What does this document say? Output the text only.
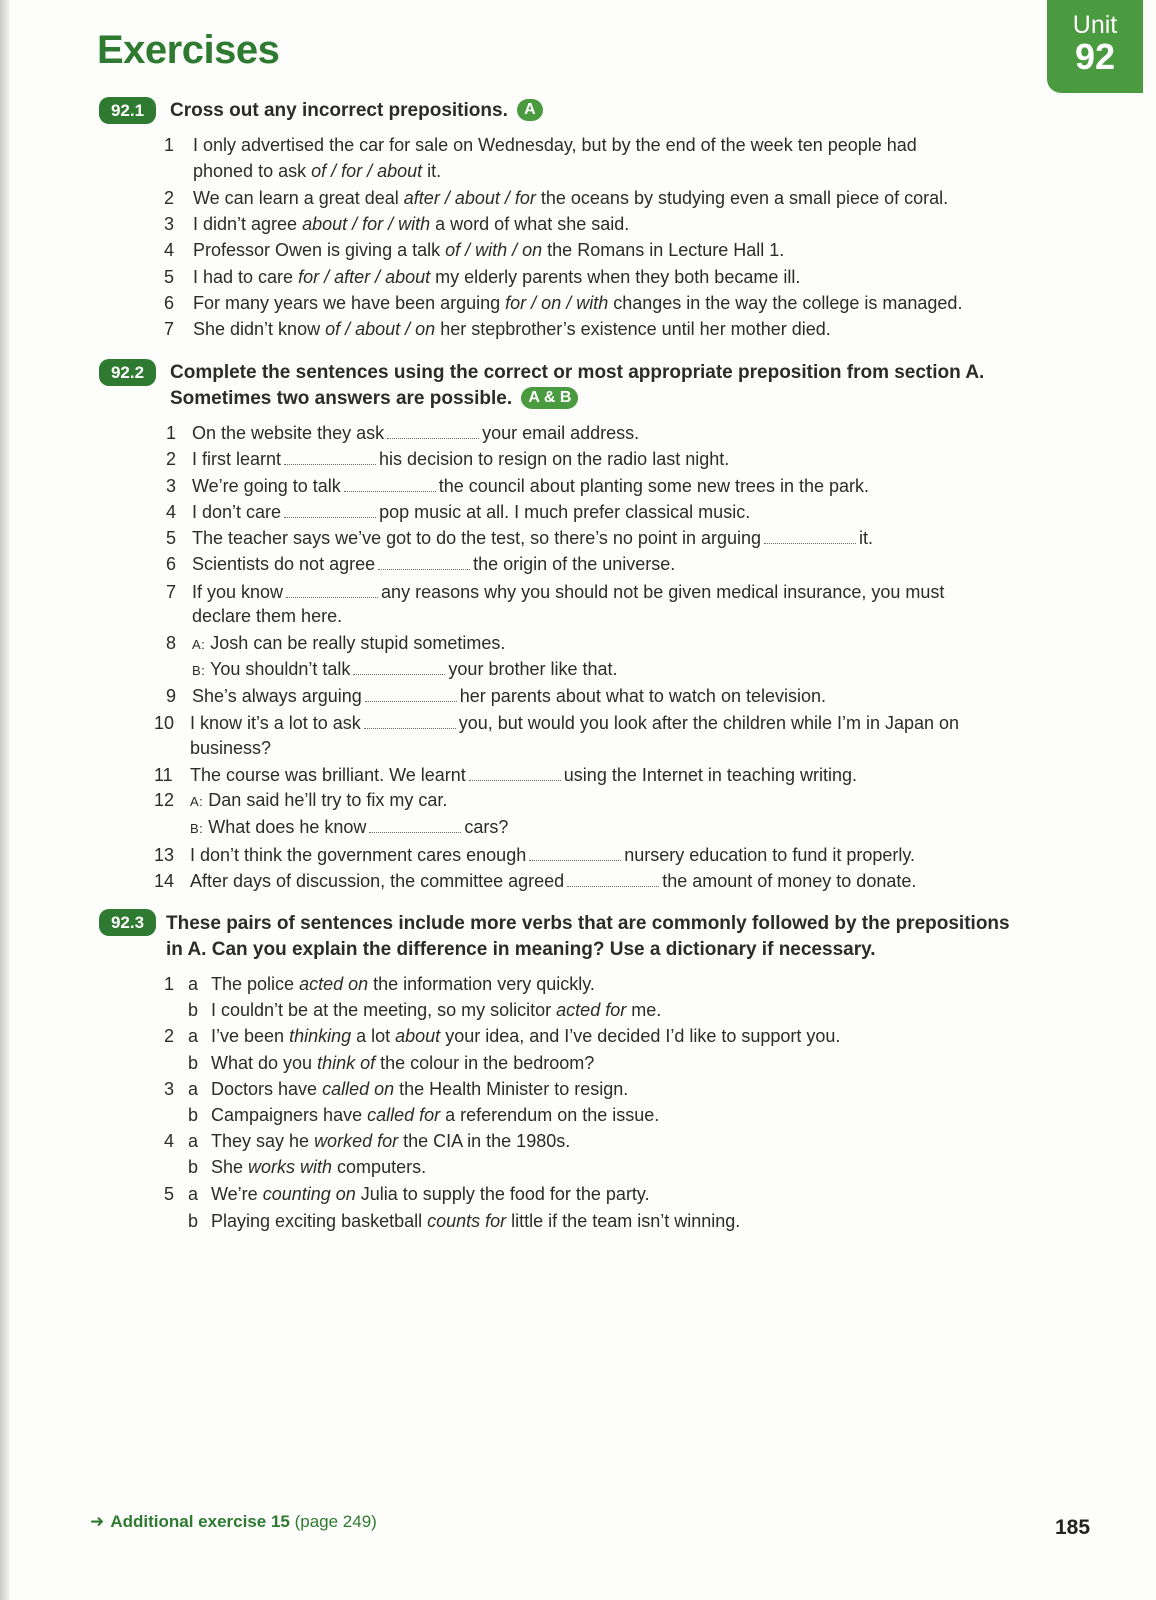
Exercises
Unit
92
92.1	Cross out any incorrect prepositions. A
1 I only advertised the car for sale on Wednesday, but by the end of the week ten people had
phoned to ask of / for / about it.
2 We can learn a great deal after / about / for the oceans by studying even a small piece of coral.
3 I didn’t agree about / for / with a word of what she said.
4 Professor Owen is giving a talk of / with / on the Romans in Lecture Hall 1.
5 I had to care for / after / about my elderly parents when they both became ill.
6 For many years we have been arguing for / on / with changes in the way the college is managed.
7 She didn’t know of / about / on her stepbrother’s existence until her mother died.
92.2	Complete the sentences using the correct or most appropriate preposition from section A.
Sometimes two answers are possible. A & B
1 On the website they ask	your email address.
2 I first learnt	his decision to resign on the radio last night.
3 We’re going to talk	the council about planting some new trees in the park.
4 I don’t care	pop music at all. I much prefer classical music.
5 The teacher says we’ve got to do the test, so there’s no point in arguing	it.
6 Scientists do not agree	the origin of the universe.
7 If you know	any reasons why you should not be given medical insurance, you must
declare them here.
8 A: Josh can be really stupid sometimes.
B: You shouldn’t talk	your brother like that.
9 She’s always arguing	her parents about what to watch on television.
10 I know it’s a lot to ask	you, but would you look after the children while I’m in Japan on
business?
11 The course was brilliant. We learnt	using the Internet in teaching writing.
12 A: Dan said he’ll try to fix my car.
B: What does he know	cars?
13 I don’t think the government cares enough	nursery education to fund it properly.
14 After days of discussion, the committee agreed	the amount of money to donate.
92.3	These pairs of sentences include more verbs that are commonly followed by the prepositions
in A. Can you explain the difference in meaning? Use a dictionary if necessary.
1 a The police acted on the information very quickly.
b I couldn’t be at the meeting, so my solicitor acted for me.
2 a I’ve been thinking a lot about your idea, and I’ve decided I’d like to support you.
b What do you think of the colour in the bedroom?
3 a Doctors have called on the Health Minister to resign.
b Campaigners have called for a referendum on the issue.
4 a They say he worked for the CIA in the 1980s.
b She works with computers.
5 a We’re counting on Julia to supply the food for the party.
b Playing exciting basketball counts for little if the team isn’t winning.
➜ Additional exercise 15 (page 249)	185
